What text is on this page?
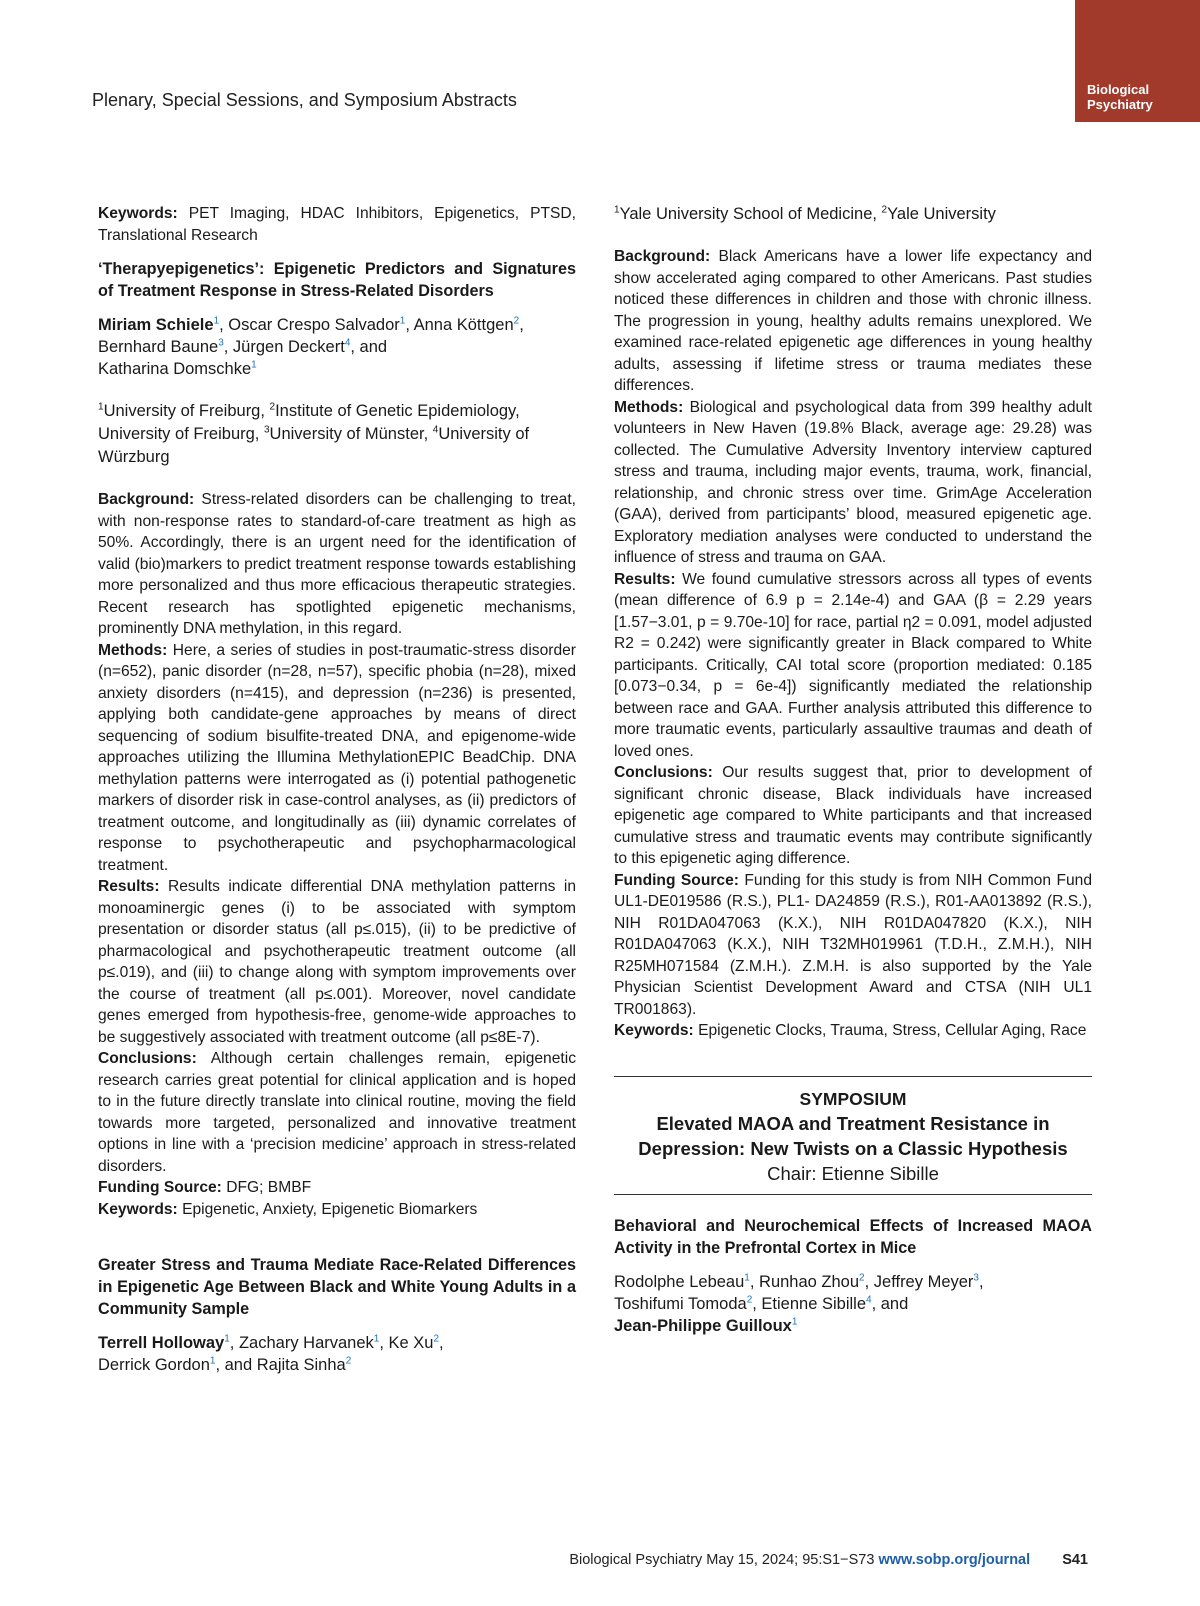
Plenary, Special Sessions, and Symposium Abstracts
Biological
Psychiatry

Keywords: PET Imaging, HDAC Inhibitors, Epigenetics, PTSD, Translational Research

‘Therapyepigenetics’: Epigenetic Predictors and Signatures of Treatment Response in Stress-Related Disorders

Miriam Schiele$^1$, Oscar Crespo Salvador$^1$, Anna Köttgen$^2$,
Bernhard Baune$^3$, Jürgen Deckert$^4$, and
Katharina Domschke$^1$

$^1$University of Freiburg, $^2$Institute of Genetic Epidemiology, University of Freiburg, $^3$University of Münster, $^4$University of Würzburg

Background: Stress-related disorders can be challenging to treat, with non-response rates to standard-of-care treatment as high as 50%. Accordingly, there is an urgent need for the identification of valid (bio)markers to predict treatment response towards establishing more personalized and thus more efficacious therapeutic strategies. Recent research has spotlighted epigenetic mechanisms, prominently DNA methylation, in this regard.

Methods: Here, a series of studies in post-traumatic-stress disorder (n=652), panic disorder (n=28, n=57), specific phobia (n=28), mixed anxiety disorders (n=415), and depression (n=236) is presented, applying both candidate-gene approaches by means of direct sequencing of sodium bisulfite-treated DNA, and epigenome-wide approaches utilizing the Illumina MethylationEPIC BeadChip. DNA methylation patterns were interrogated as (i) potential pathogenetic markers of disorder risk in case-control analyses, as (ii) predictors of treatment outcome, and longitudinally as (iii) dynamic correlates of response to psychotherapeutic and psychopharmacological treatment.

Results: Results indicate differential DNA methylation patterns in monoaminergic genes (i) to be associated with symptom presentation or disorder status (all p≤.015), (ii) to be predictive of pharmacological and psychotherapeutic treatment outcome (all p≤.019), and (iii) to change along with symptom improvements over the course of treatment (all p≤.001). Moreover, novel candidate genes emerged from hypothesis-free, genome-wide approaches to be suggestively associated with treatment outcome (all p≤8E-7).

Conclusions: Although certain challenges remain, epigenetic research carries great potential for clinical application and is hoped to in the future directly translate into clinical routine, moving the field towards more targeted, personalized and innovative treatment options in line with a ‘precision medicine’ approach in stress-related disorders.

Funding Source: DFG; BMBF

Keywords: Epigenetic, Anxiety, Epigenetic Biomarkers

Greater Stress and Trauma Mediate Race-Related Differences in Epigenetic Age Between Black and White Young Adults in a Community Sample

Terrell Holloway$^1$, Zachary Harvanek$^1$, Ke Xu$^2$,
Derrick Gordon$^1$, and Rajita Sinha$^2$

$^1$Yale University School of Medicine, $^2$Yale University

Background: Black Americans have a lower life expectancy and show accelerated aging compared to other Americans. Past studies noticed these differences in children and those with chronic illness. The progression in young, healthy adults remains unexplored. We examined race-related epigenetic age differences in young healthy adults, assessing if lifetime stress or trauma mediates these differences.

Methods: Biological and psychological data from 399 healthy adult volunteers in New Haven (19.8% Black, average age: 29.28) was collected. The Cumulative Adversity Inventory interview captured stress and trauma, including major events, trauma, work, financial, relationship, and chronic stress over time. GrimAge Acceleration (GAA), derived from participants’ blood, measured epigenetic age. Exploratory mediation analyses were conducted to understand the influence of stress and trauma on GAA.

Results: We found cumulative stressors across all types of events (mean difference of 6.9 p = 2.14e-4) and GAA (β = 2.29 years [1.57−3.01, p = 9.70e-10] for race, partial η2 = 0.091, model adjusted R2 = 0.242) were significantly greater in Black compared to White participants. Critically, CAI total score (proportion mediated: 0.185 [0.073−0.34, p = 6e-4]) significantly mediated the relationship between race and GAA. Further analysis attributed this difference to more traumatic events, particularly assaultive traumas and death of loved ones.

Conclusions: Our results suggest that, prior to development of significant chronic disease, Black individuals have increased epigenetic age compared to White participants and that increased cumulative stress and traumatic events may contribute significantly to this epigenetic aging difference.

Funding Source: Funding for this study is from NIH Common Fund UL1-DE019586 (R.S.), PL1- DA24859 (R.S.), R01-AA013892 (R.S.), NIH R01DA047063 (K.X.), NIH R01DA047820 (K.X.), NIH R01DA047063 (K.X.), NIH T32MH019961 (T.D.H., Z.M.H.), NIH R25MH071584 (Z.M.H.). Z.M.H. is also supported by the Yale Physician Scientist Development Award and CTSA (NIH UL1 TR001863).

Keywords: Epigenetic Clocks, Trauma, Stress, Cellular Aging, Race

SYMPOSIUM
Elevated MAOA and Treatment Resistance in Depression: New Twists on a Classic Hypothesis
Chair: Etienne Sibille

Behavioral and Neurochemical Effects of Increased MAOA Activity in the Prefrontal Cortex in Mice

Rodolphe Lebeau$^1$, Runhao Zhou$^2$, Jeffrey Meyer$^3$,
Toshifumi Tomoda$^2$, Etienne Sibille$^4$, and
Jean-Philippe Guilloux$^1$

Biological Psychiatry May 15, 2024; 95:S1−S73 www.sobp.org/journal S41
